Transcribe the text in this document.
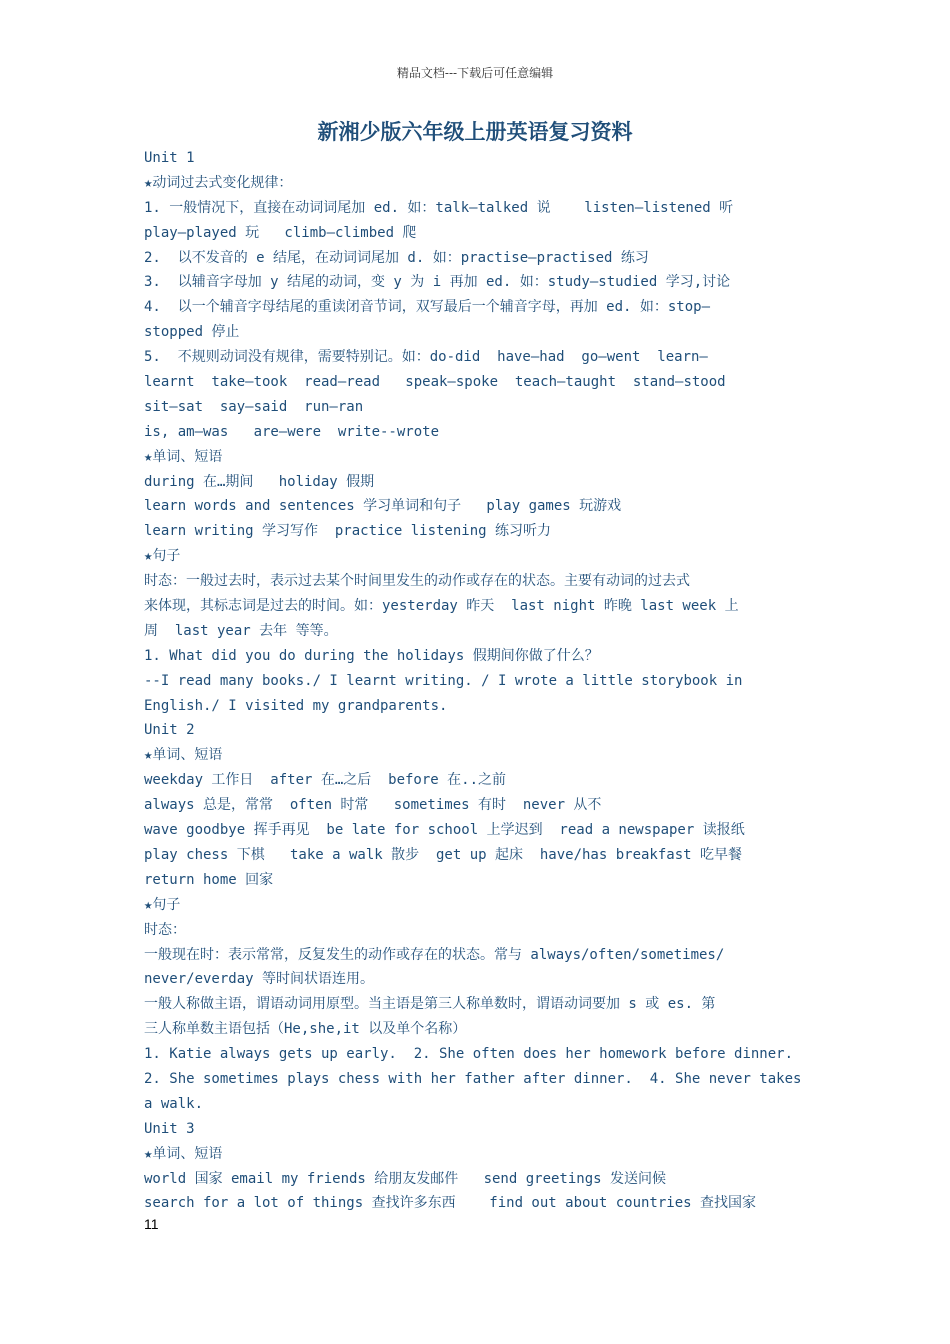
精品文档---下载后可任意编辑
新湘少版六年级上册英语复习资料
Unit 1
★动词过去式变化规律：
1. 一般情况下，直接在动词词尾加 ed. 如：talk—talked 说    listen—listened 听
play—played 玩   climb—climbed 爬
2.  以不发音的 e 结尾，在动词词尾加 d. 如：practise—practised 练习
3.  以辅音字母加 y 结尾的动词，变 y 为 i 再加 ed. 如：study—studied 学习,讨论
4.  以一个辅音字母结尾的重读闭音节词，双写最后一个辅音字母，再加 ed. 如：stop—
stopped 停止
5.  不规则动词没有规律，需要特别记。如：do-did  have—had  go—went  learn—
learnt  take—took  read—read   speak—spoke  teach—taught  stand—stood
sit—sat  say—said  run—ran
is, am—was   are—were  write--wrote
★单词、短语
during 在…期间   holiday 假期
learn words and sentences 学习单词和句子   play games 玩游戏
learn writing 学习写作  practice listening 练习听力
★句子
时态：一般过去时，表示过去某个时间里发生的动作或存在的状态。主要有动词的过去式
来体现，其标志词是过去的时间。如：yesterday 昨天  last night 昨晚 last week 上
周  last year 去年 等等。
1. What did you do during the holidays 假期间你做了什么？
--I read many books./ I learnt writing. / I wrote a little storybook in
English./ I visited my grandparents.
Unit 2
★单词、短语
weekday 工作日  after 在…之后  before 在..之前
always 总是，常常  often 时常   sometimes 有时  never 从不
wave goodbye 挥手再见  be late for school 上学迟到  read a newspaper 读报纸
play chess 下棋   take a walk 散步  get up 起床  have/has breakfast 吃早餐
return home 回家
★句子
时态：
一般现在时：表示常常，反复发生的动作或存在的状态。常与 always/often/sometimes/
never/everday 等时间状语连用。
一般人称做主语，谓语动词用原型。当主语是第三人称单数时，谓语动词要加 s 或 es. 第
三人称单数主语包括（He,she,it 以及单个名称）
1. Katie always gets up early.  2. She often does her homework before dinner.
2. She sometimes plays chess with her father after dinner.  4. She never takes
a walk.
Unit 3
★单词、短语
world 国家 email my friends 给朋友发邮件   send greetings 发送问候
search for a lot of things 查找许多东西    find out about countries 查找国家
11
